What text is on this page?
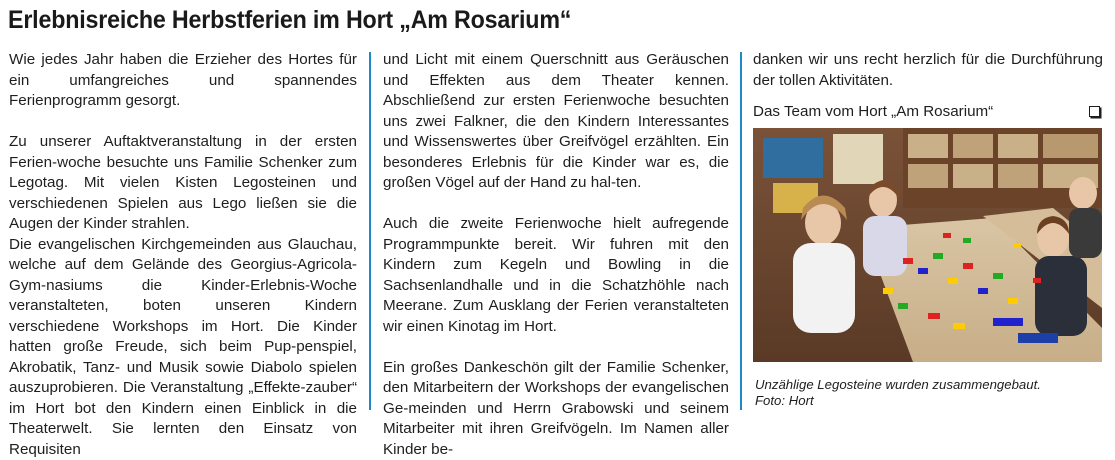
Erlebnisreiche Herbstferien im Hort „Am Rosarium“

Wie jedes Jahr haben die Erzieher des Hortes für ein umfangreiches und spannendes Ferienprogramm gesorgt.

Zu unserer Auftaktveranstaltung in der ersten Ferien-woche besuchte uns Familie Schenker zum Legotag. Mit vielen Kisten Legosteinen und verschiedenen Spielen aus Lego ließen sie die Augen der Kinder strahlen.

Die evangelischen Kirchgemeinden aus Glauchau, welche auf dem Gelände des Georgius-Agricola-Gym-nasiums die Kinder-Erlebnis-Woche veranstalteten, boten unseren Kindern verschiedene Workshops im Hort. Die Kinder hatten große Freude, sich beim Pup-penspiel, Akrobatik, Tanz- und Musik sowie Diabolo spielen auszuprobieren. Die Veranstaltung „Effekte-zauber“ im Hort bot den Kindern einen Einblick in die Theaterwelt. Sie lernten den Einsatz von Requisiten

und Licht mit einem Querschnitt aus Geräuschen und Effekten aus dem Theater kennen. Abschließend zur ersten Ferienwoche besuchten uns zwei Falkner, die den Kindern Interessantes und Wissenswertes über Greifvögel erzählten. Ein besonderes Erlebnis für die Kinder war es, die großen Vögel auf der Hand zu hal-ten.

Auch die zweite Ferienwoche hielt aufregende Programmpunkte bereit. Wir fuhren mit den Kindern zum Kegeln und Bowling in die Sachsenlandhalle und in die Schatzhöhle nach Meerane. Zum Ausklang der Ferien veranstalteten wir einen Kinotag im Hort.

Ein großes Dankeschön gilt der Familie Schenker, den Mitarbeitern der Workshops der evangelischen Ge-meinden und Herrn Grabowski und seinem Mitarbeiter mit ihren Greifvögeln. Im Namen aller Kinder be-

danken wir uns recht herzlich für die Durchführung der tollen Aktivitäten.

Das Team vom Hort „Am Rosarium“
Unzählige Legosteine wurden zusammengebaut.
Foto: Hort
